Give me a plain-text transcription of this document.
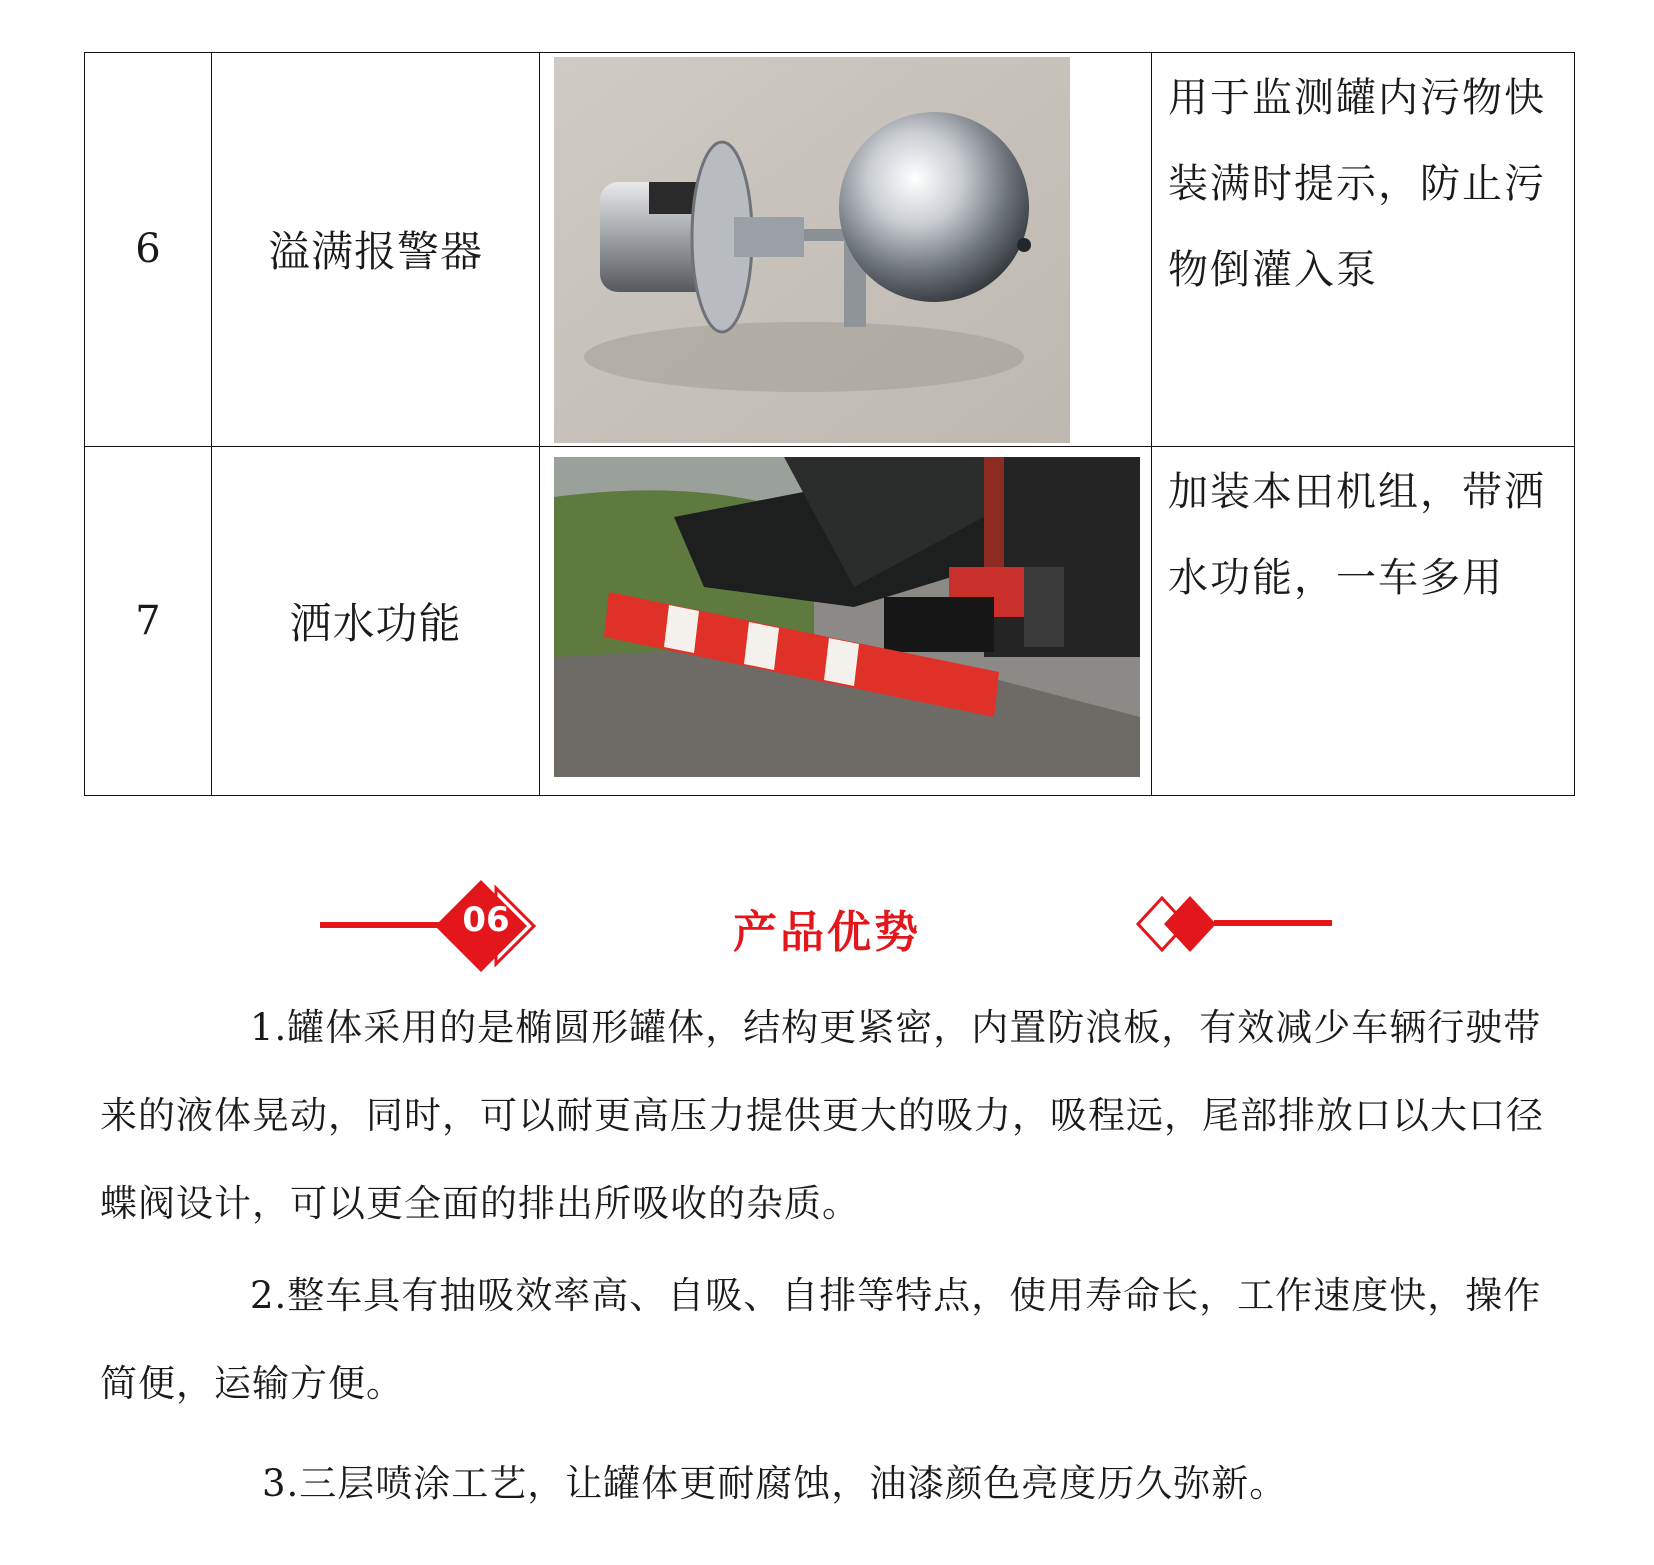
6	溢满报警器		用于监测罐内污物快装满时提示，防止污物倒灌入泵

7	洒水功能		加装本田机组，带洒水功能，一车多用
06	产品优势
1.罐体采用的是椭圆形罐体，结构更紧密，内置防浪板，有效减少车辆行驶带来的液体晃动，同时，可以耐更高压力提供更大的吸力，吸程远，尾部排放口以大口径蝶阀设计，可以更全面的排出所吸收的杂质。
2.整车具有抽吸效率高、自吸、自排等特点，使用寿命长，工作速度快，操作简便，运输方便。
3.三层喷涂工艺，让罐体更耐腐蚀，油漆颜色亮度历久弥新。
